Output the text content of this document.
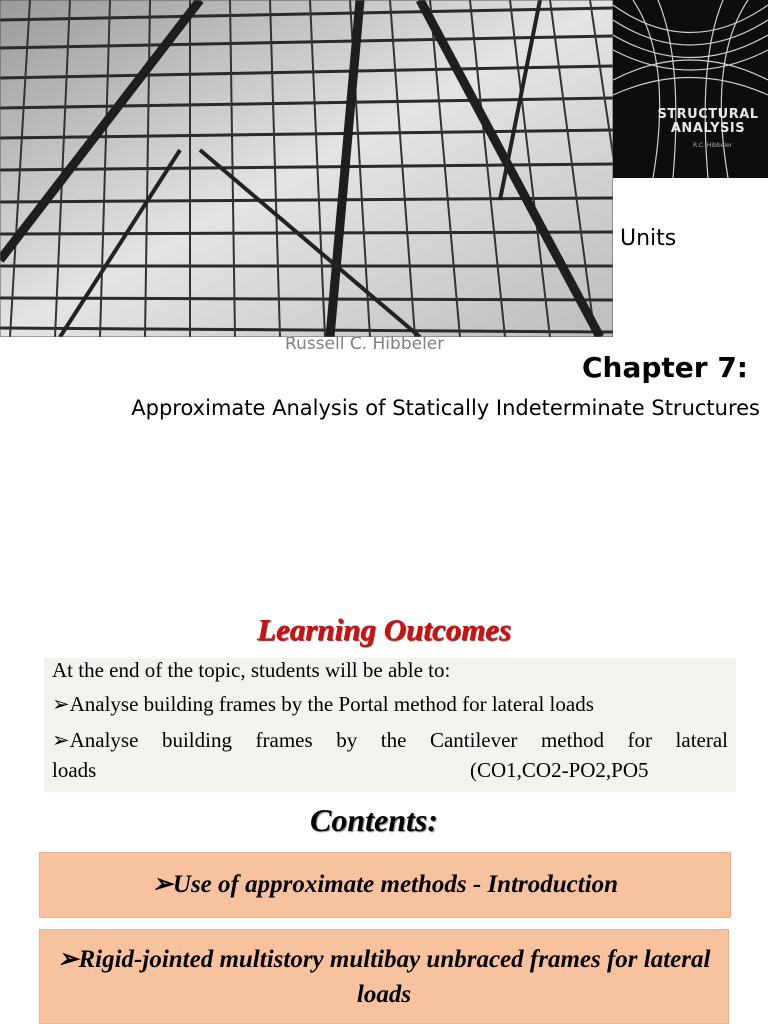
STRUCTURAL ANALYSIS
R.C. Hibbeler
Units
Russell C. Hibbeler
Chapter 7:
Approximate Analysis of Statically Indeterminate Structures
Learning Outcomes
At the end of the topic, students will be able to:
➢Analyse building frames by the Portal method for lateral loads
➢Analyse building frames by the Cantilever method for lateral
loads	(CO1,CO2-PO2,PO5
Contents:
➢Use of approximate methods - Introduction
➢Rigid-jointed multistory multibay unbraced frames for lateral loads
